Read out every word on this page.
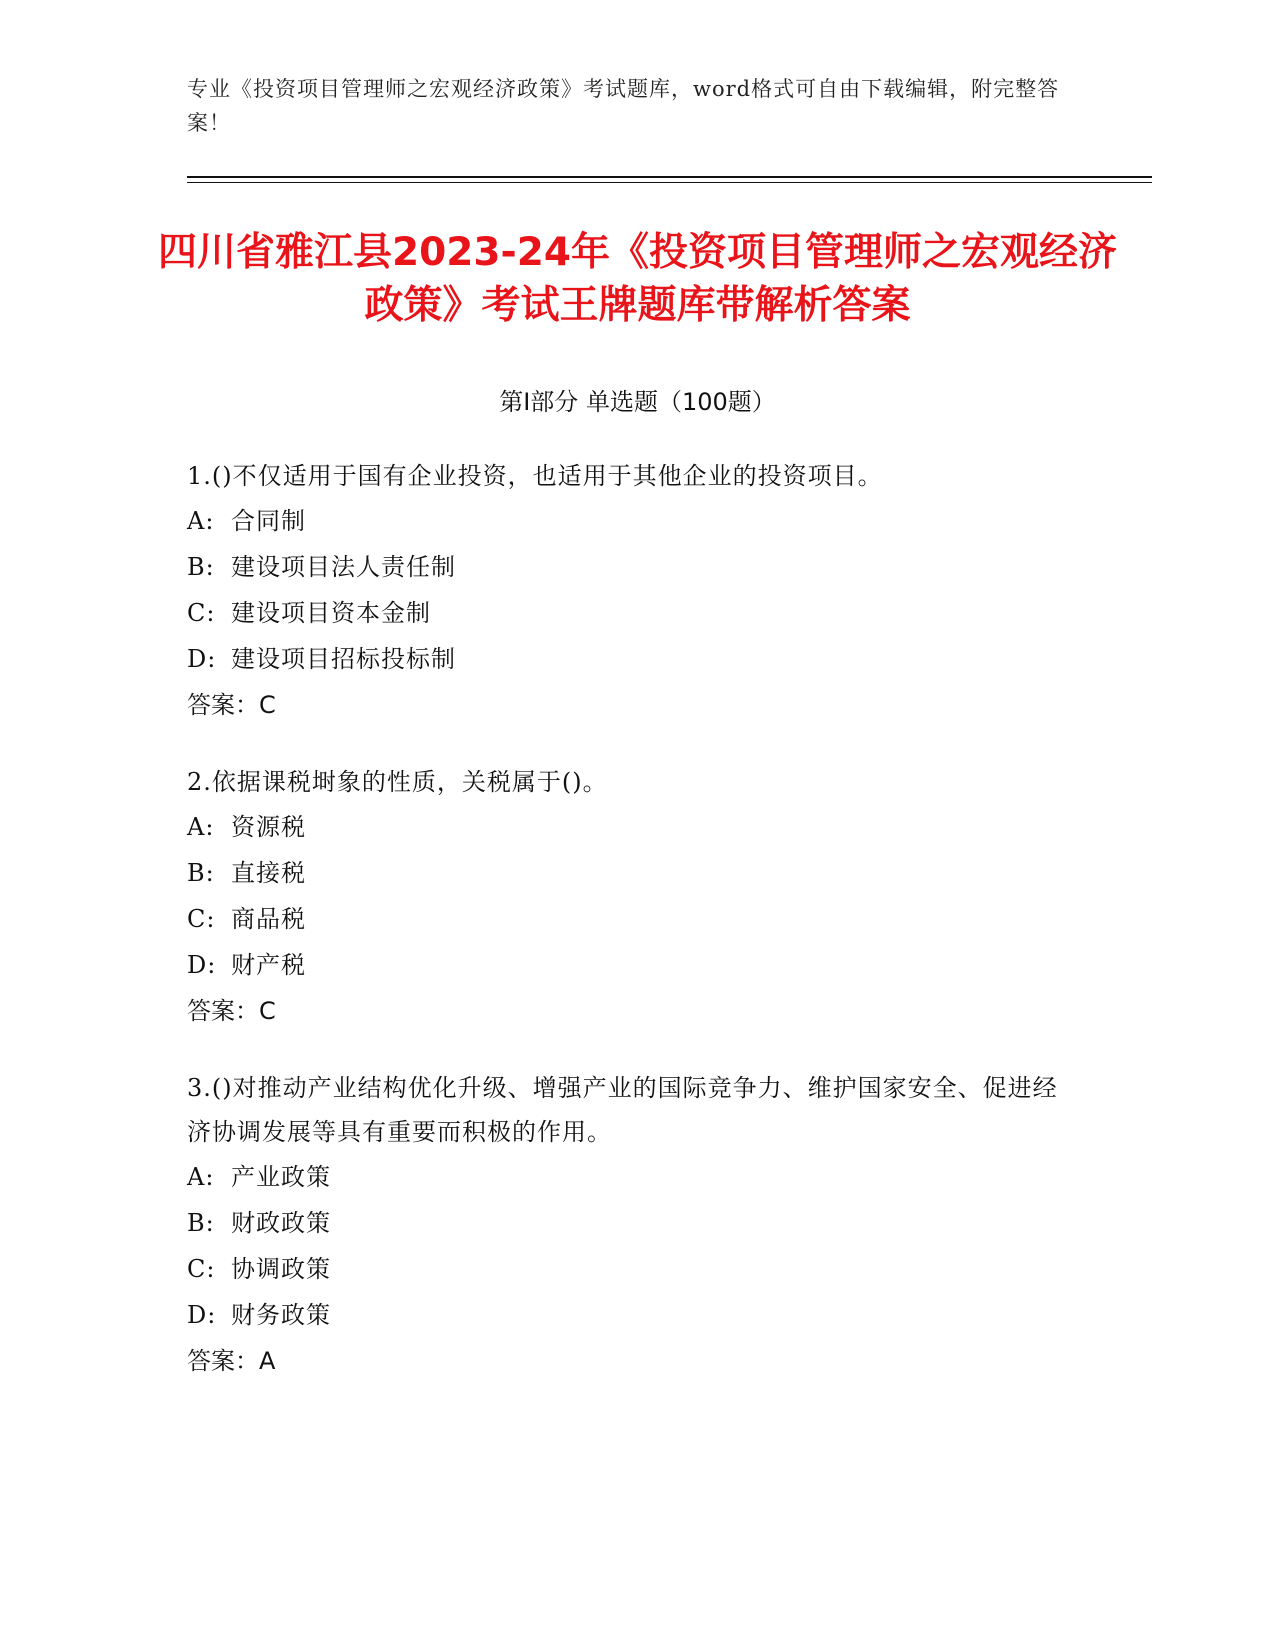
专业《投资项目管理师之宏观经济政策》考试题库，word格式可自由下载编辑，附完整答案！
四川省雅江县2023-24年《投资项目管理师之宏观经济政策》考试王牌题库带解析答案
第I部分 单选题（100题）

1.()不仅适用于国有企业投资，也适用于其他企业的投资项目。

A: 合同制

B: 建设项目法人责任制

C: 建设项目资本金制

D: 建设项目招标投标制

答案：C

2.依据课税埘象的性质，关税属于()。

A: 资源税

B: 直接税

C: 商品税

D: 财产税

答案：C

3.()对推动产业结构优化升级、增强产业的国际竞争力、维护国家安全、促进经济协调发展等具有重要而积极的作用。

A: 产业政策

B: 财政政策

C: 协调政策

D: 财务政策

答案：A
